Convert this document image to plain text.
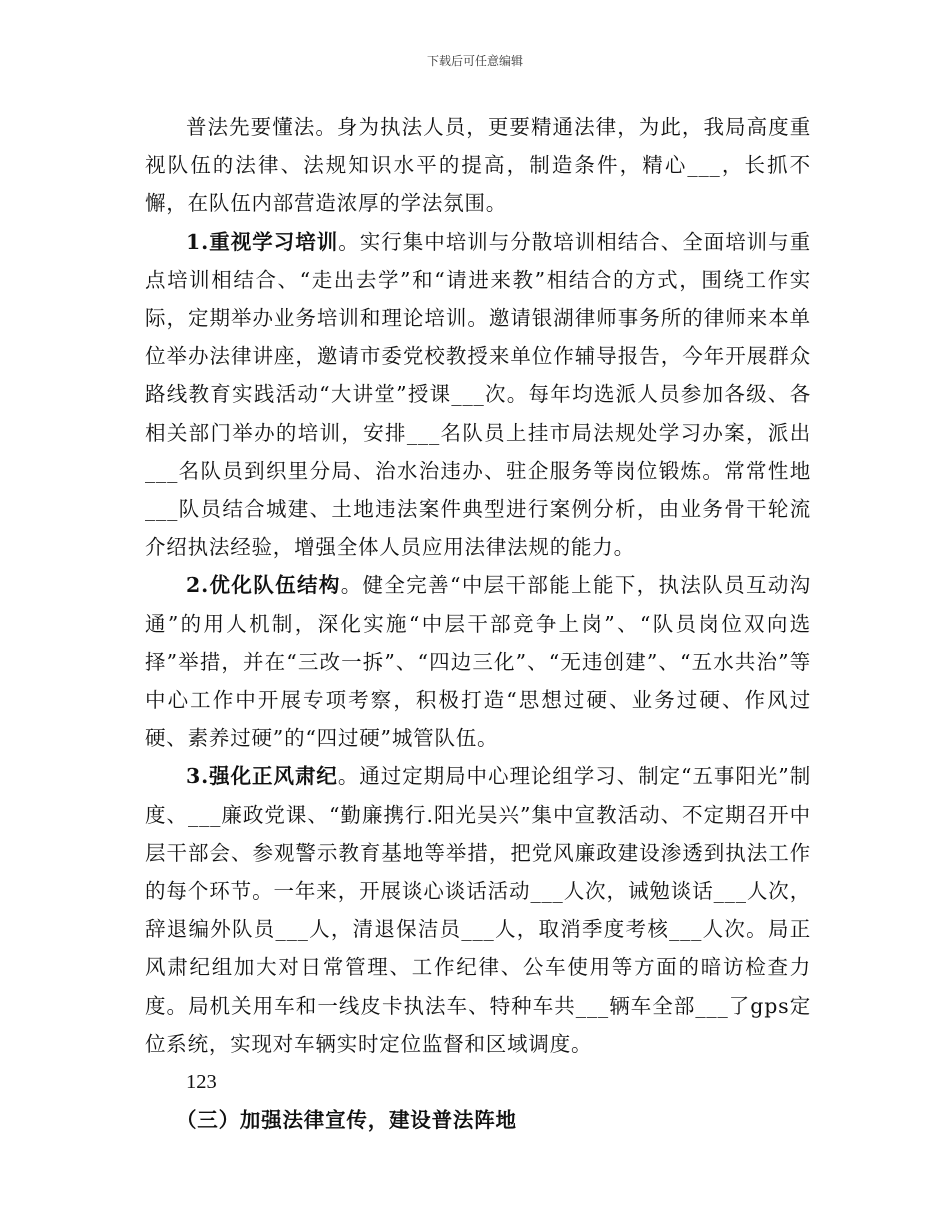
下载后可任意编辑

普法先要懂法。身为执法人员，更要精通法律，为此，我局高度重视队伍的法律、法规知识水平的提高，制造条件，精心___，长抓不懈，在队伍内部营造浓厚的学法氛围。

1.重视学习培训。实行集中培训与分散培训相结合、全面培训与重点培训相结合、“走出去学”和“请进来教”相结合的方式，围绕工作实际，定期举办业务培训和理论培训。邀请银湖律师事务所的律师来本单位举办法律讲座，邀请市委党校教授来单位作辅导报告，今年开展群众路线教育实践活动“大讲堂”授课___次。每年均选派人员参加各级、各相关部门举办的培训，安排___名队员上挂市局法规处学习办案，派出___名队员到织里分局、治水治违办、驻企服务等岗位锻炼。常常性地___队员结合城建、土地违法案件典型进行案例分析，由业务骨干轮流介绍执法经验，增强全体人员应用法律法规的能力。

2.优化队伍结构。健全完善“中层干部能上能下，执法队员互动沟通”的用人机制，深化实施“中层干部竞争上岗”、“队员岗位双向选择”举措，并在“三改一拆”、“四边三化”、“无违创建”、“五水共治”等中心工作中开展专项考察，积极打造“思想过硬、业务过硬、作风过硬、素养过硬”的“四过硬”城管队伍。

3.强化正风肃纪。通过定期局中心理论组学习、制定“五事阳光”制度、___廉政党课、“勤廉携行.阳光吴兴”集中宣教活动、不定期召开中层干部会、参观警示教育基地等举措，把党风廉政建设渗透到执法工作的每个环节。一年来，开展谈心谈话活动___人次，诫勉谈话___人次，辞退编外队员___人，清退保洁员___人，取消季度考核___人次。局正风肃纪组加大对日常管理、工作纪律、公车使用等方面的暗访检查力度。局机关用车和一线皮卡执法车、特种车共___辆车全部___了gps定位系统，实现对车辆实时定位监督和区域调度。

123

（三）加强法律宣传，建设普法阵地
